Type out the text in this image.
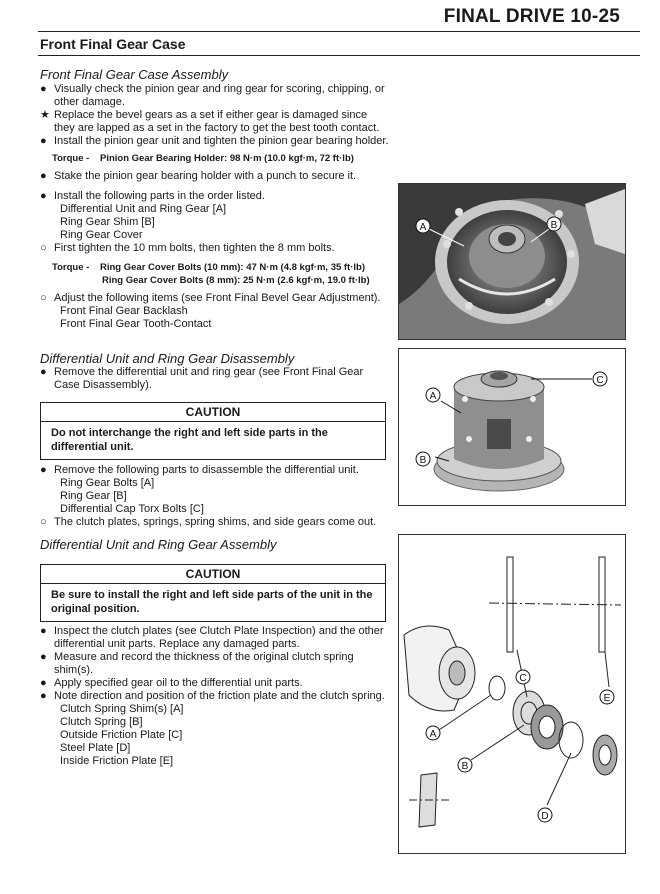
FINAL DRIVE 10-25
Front Final Gear Case
Front Final Gear Case Assembly
● Visually check the pinion gear and ring gear for scoring, chipping, or other damage.
★ Replace the bevel gears as a set if either gear is damaged since they are lapped as a set in the factory to get the best tooth contact.
● Install the pinion gear unit and tighten the pinion gear bearing holder.
Torque - Pinion Gear Bearing Holder: 98 N·m (10.0 kgf·m, 72 ft·lb)
● Stake the pinion gear bearing holder with a punch to secure it.
● Install the following parts in the order listed.
Differential Unit and Ring Gear [A]
Ring Gear Shim [B]
Ring Gear Cover
○ First tighten the 10 mm bolts, then tighten the 8 mm bolts.
Torque - Ring Gear Cover Bolts (10 mm): 47 N·m (4.8 kgf·m, 35 ft·lb)
Ring Gear Cover Bolts (8 mm): 25 N·m (2.6 kgf·m, 19.0 ft·lb)
○ Adjust the following items (see Front Final Bevel Gear Adjustment).
Front Final Gear Backlash
Front Final Gear Tooth-Contact
Differential Unit and Ring Gear Disassembly
● Remove the differential unit and ring gear (see Front Final Gear Case Disassembly).
CAUTION
Do not interchange the right and left side parts in the differential unit.
● Remove the following parts to disassemble the differential unit.
Ring Gear Bolts [A]
Ring Gear [B]
Differential Cap Torx Bolts [C]
○ The clutch plates, springs, spring shims, and side gears come out.
Differential Unit and Ring Gear Assembly
CAUTION
Be sure to install the right and left side parts of the unit in the original position.
● Inspect the clutch plates (see Clutch Plate Inspection) and the other differential unit parts. Replace any damaged parts.
● Measure and record the thickness of the original clutch spring shim(s).
● Apply specified gear oil to the differential unit parts.
● Note direction and position of the friction plate and the clutch spring.
Clutch Spring Shim(s) [A]
Clutch Spring [B]
Outside Friction Plate [C]
Steel Plate [D]
Inside Friction Plate [E]
A	B
A
B
C
C
E
A
B
D
